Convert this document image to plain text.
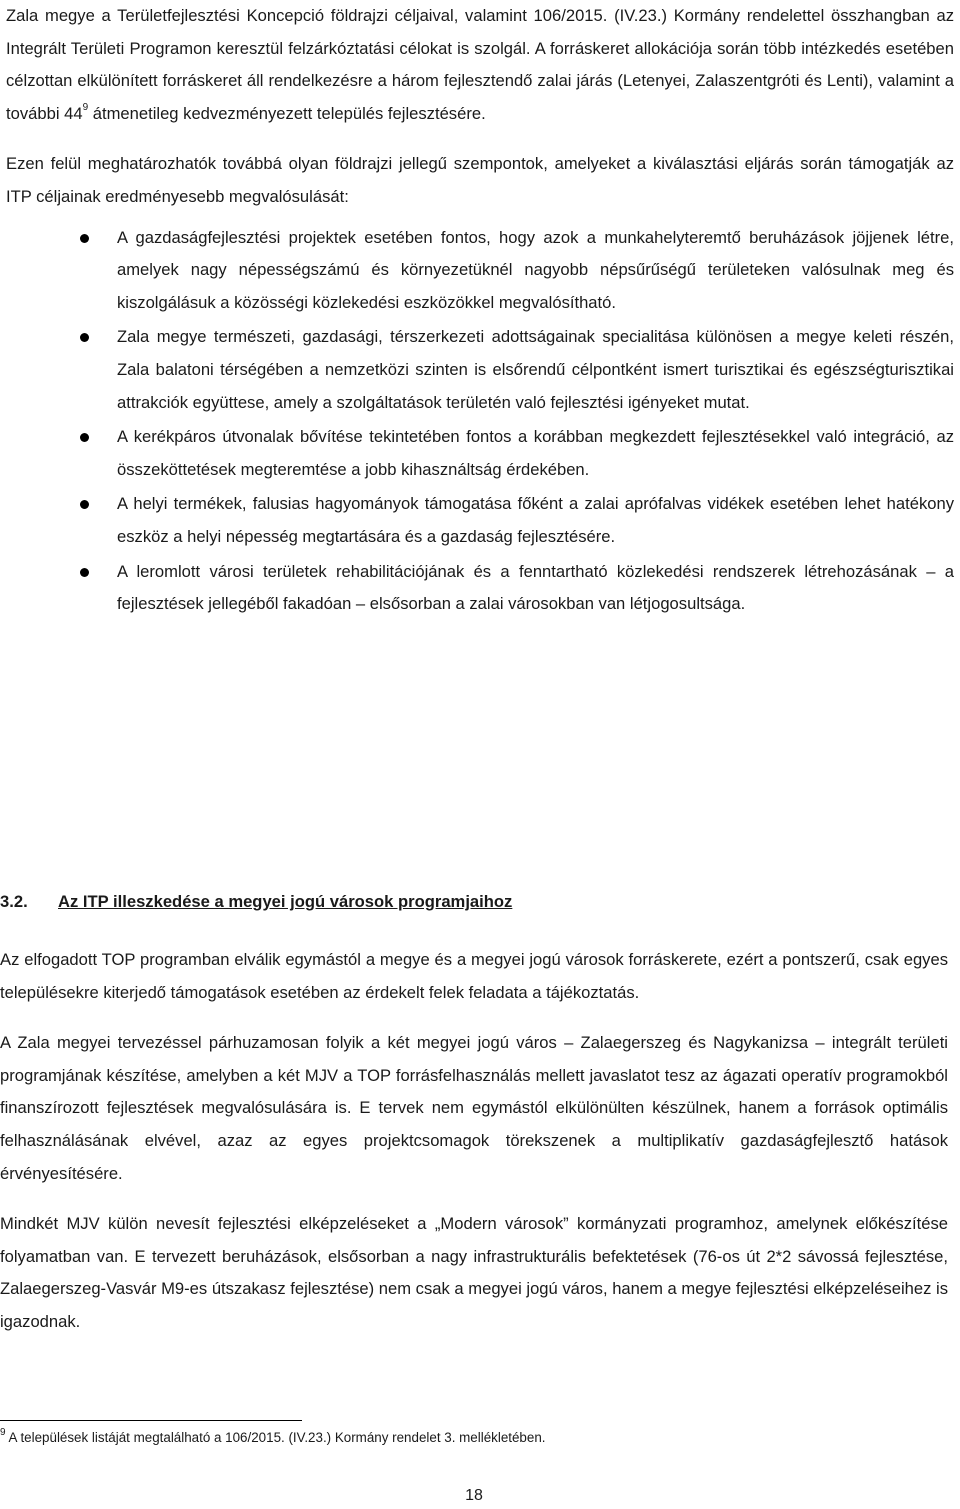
Zala megye a Területfejlesztési Koncepció földrajzi céljaival, valamint 106/2015. (IV.23.) Kormány rendelettel összhangban az Integrált Területi Programon keresztül felzárkóztatási célokat is szolgál. A forráskeret allokációja során több intézkedés esetében célzottan elkülönített forráskeret áll rendelkezésre a három fejlesztendő zalai járás (Letenyei, Zalaszentgróti és Lenti), valamint a további $44^9$ átmenetileg kedvezményezett település fejlesztésére.

Ezen felül meghatározhatók továbbá olyan földrajzi jellegű szempontok, amelyeket a kiválasztási eljárás során támogatják az ITP céljainak eredményesebb megvalósulását:

A gazdaságfejlesztési projektek esetében fontos, hogy azok a munkahelyteremtő beruházások jöjjenek létre, amelyek nagy népességszámú és környezetüknél nagyobb népsűrűségű területeken valósulnak meg és kiszolgálásuk a közösségi közlekedési eszközökkel megvalósítható.
Zala megye természeti, gazdasági, térszerkezeti adottságainak specialitása különösen a megye keleti részén, Zala balatoni térségében a nemzetközi szinten is elsőrendű célpontként ismert turisztikai és egészségturisztikai attrakciók együttese, amely a szolgáltatások területén való fejlesztési igényeket mutat.
A kerékpáros útvonalak bővítése tekintetében fontos a korábban megkezdett fejlesztésekkel való integráció, az összeköttetések megteremtése a jobb kihasználtság érdekében.
A helyi termékek, falusias hagyományok támogatása főként a zalai aprófalvas vidékek esetében lehet hatékony eszköz a helyi népesség megtartására és a gazdaság fejlesztésére.
A leromlott városi területek rehabilitációjának és a fenntartható közlekedési rendszerek létrehozásának – a fejlesztések jellegéből fakadóan – elsősorban a zalai városokban van létjogosultsága.
3.2. Az ITP illeszkedése a megyei jogú városok programjaihoz

Az elfogadott TOP programban elválik egymástól a megye és a megyei jogú városok forráskerete, ezért a pontszerű, csak egyes településekre kiterjedő támogatások esetében az érdekelt felek feladata a tájékoztatás.

A Zala megyei tervezéssel párhuzamosan folyik a két megyei jogú város – Zalaegerszeg és Nagykanizsa – integrált területi programjának készítése, amelyben a két MJV a TOP forrásfelhasználás mellett javaslatot tesz az ágazati operatív programokból finanszírozott fejlesztések megvalósulására is. E tervek nem egymástól elkülönülten készülnek, hanem a források optimális felhasználásának elvével, azaz az egyes projektcsomagok törekszenek a multiplikatív gazdaságfejlesztő hatások érvényesítésére.

Mindkét MJV külön nevesít fejlesztési elképzeléseket a „Modern városok” kormányzati programhoz, amelynek előkészítése folyamatban van. E tervezett beruházások, elsősorban a nagy infrastrukturális befektetések (76-os út 2*2 sávossá fejlesztése, Zalaegerszeg-Vasvár M9-es útszakasz fejlesztése) nem csak a megyei jogú város, hanem a megye fejlesztési elképzeléseihez is igazodnak.

$^9$ A települések listáját megtalálható a 106/2015. (IV.23.) Kormány rendelet 3. mellékletében.
18
